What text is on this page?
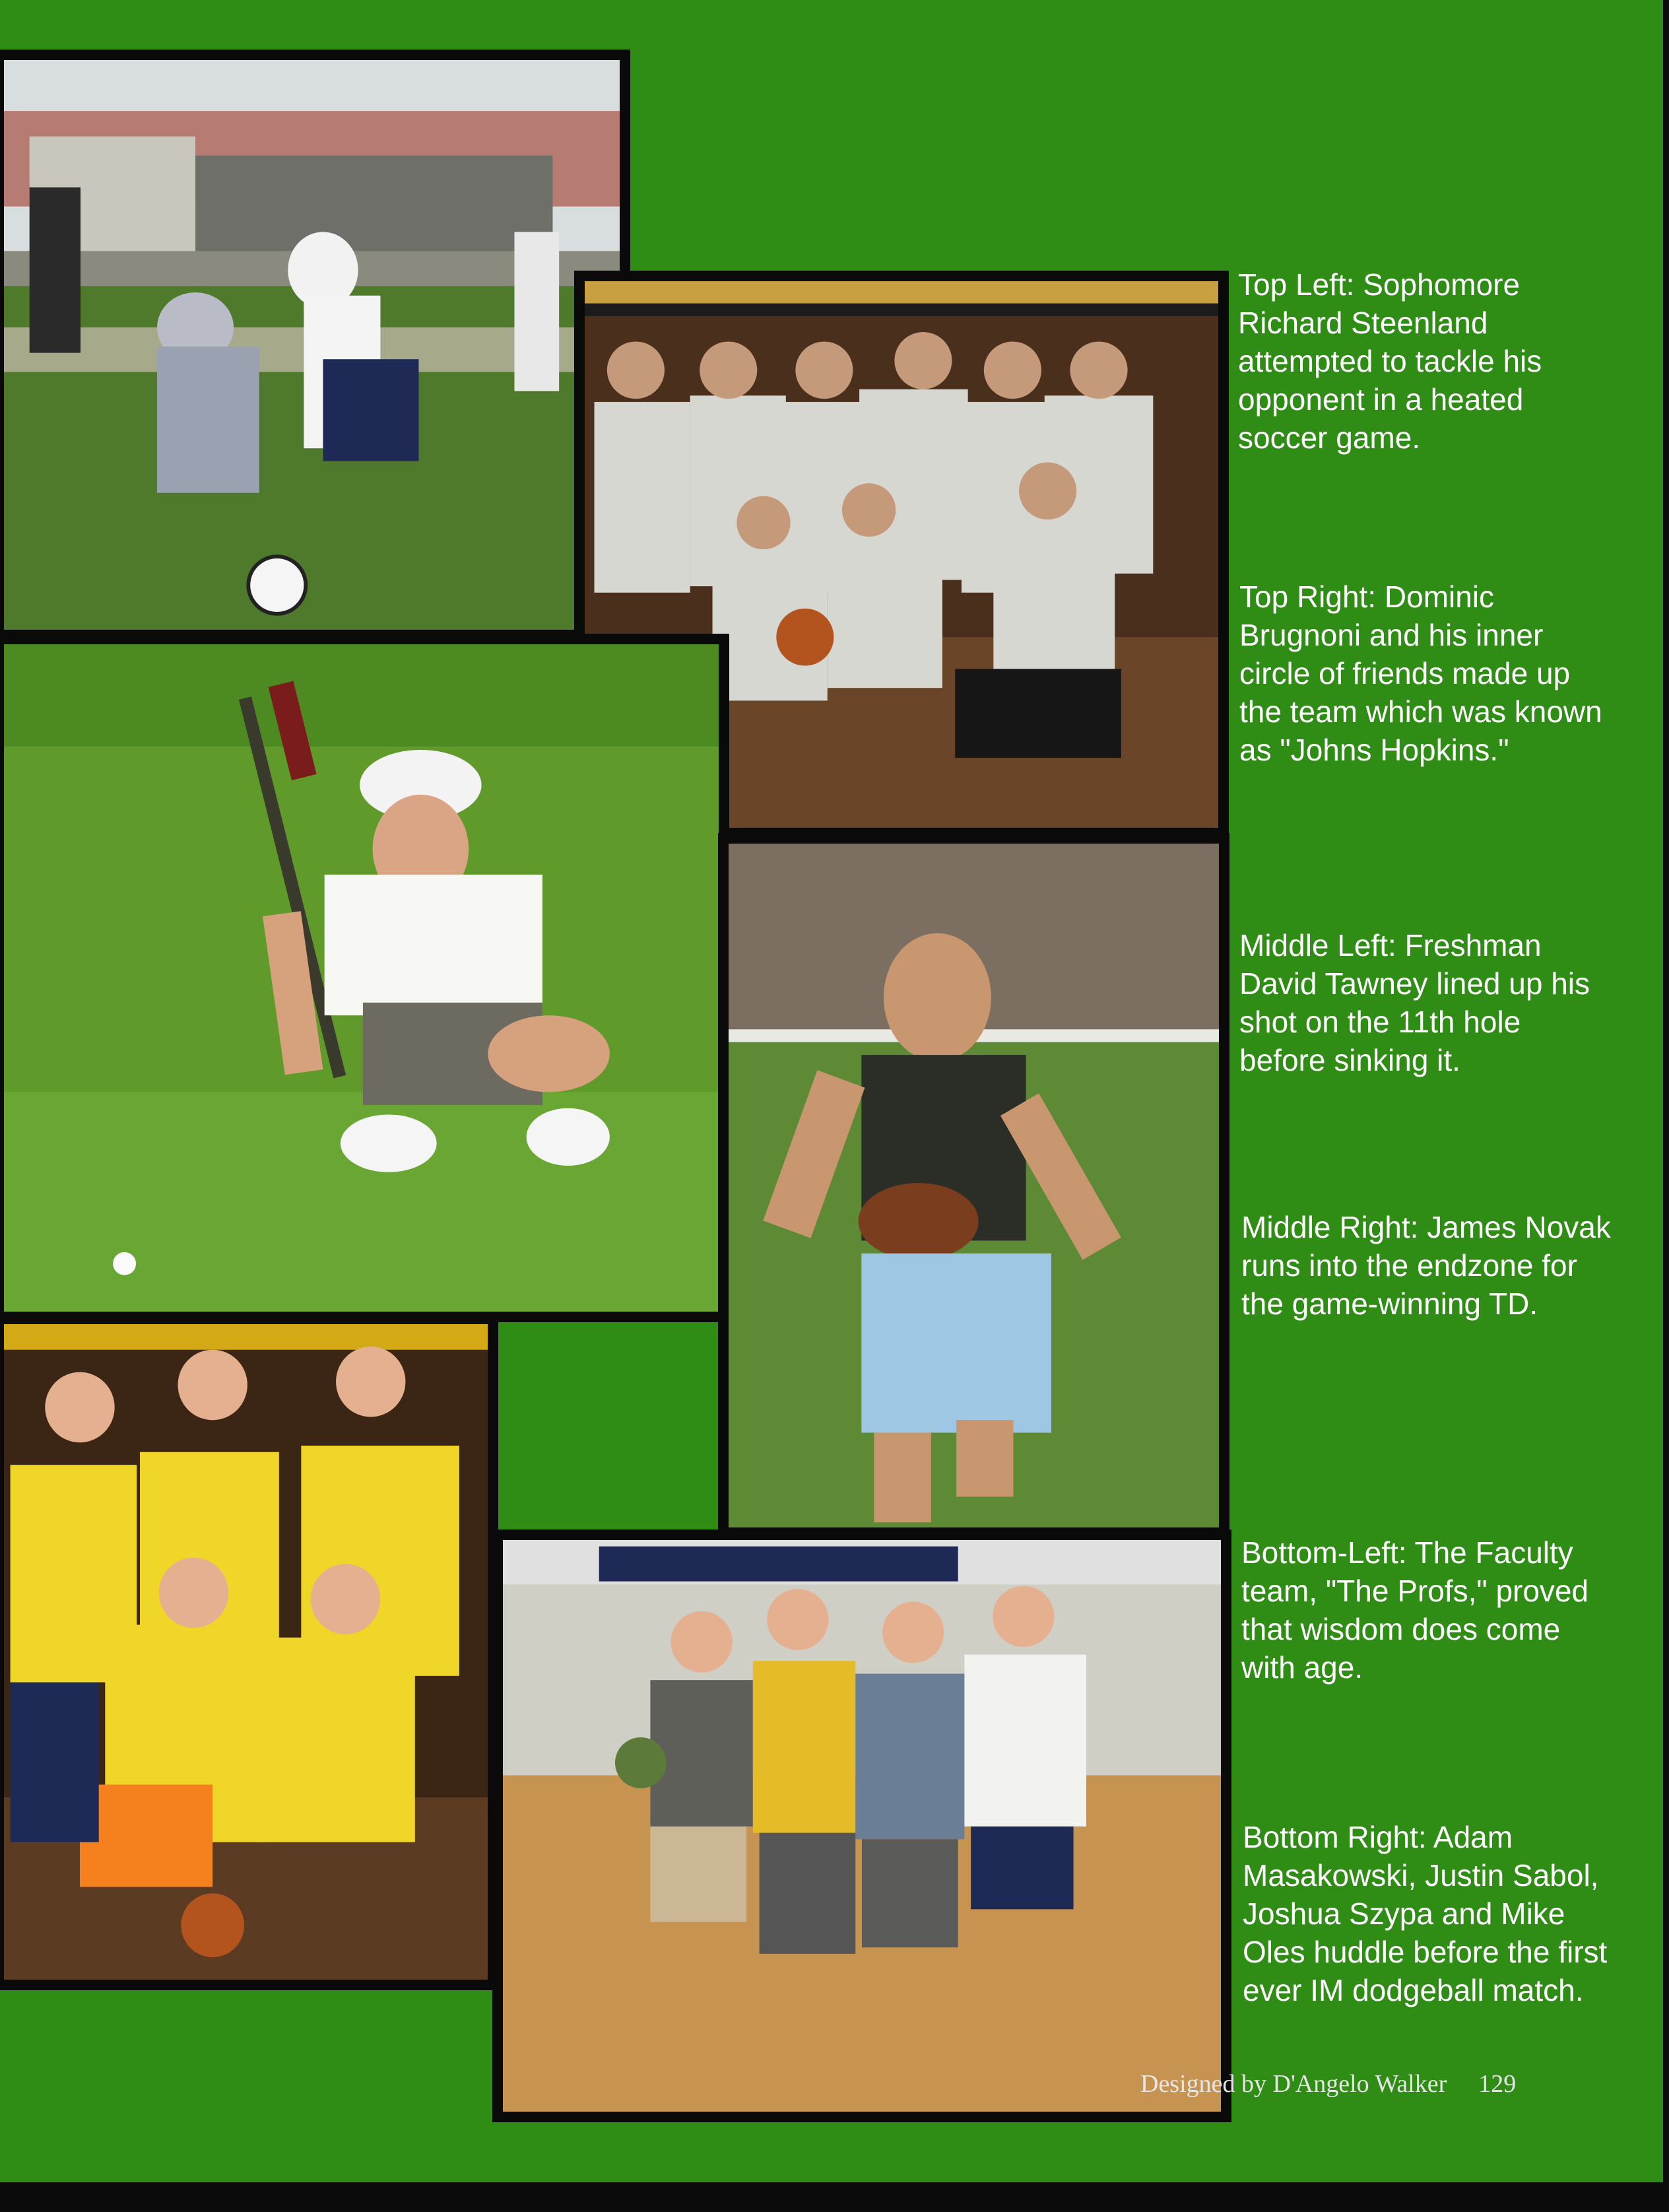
Top Left: Sophomore Richard Steenland attempted to tackle his opponent in a heated soccer game.

Top Right: Dominic Brugnoni and his inner circle of friends made up the team which was known as "Johns Hopkins."

Middle Left: Freshman David Tawney lined up his shot on the 11th hole before sinking it.

Middle Right: James Novak runs into the endzone for the game-winning TD.

Bottom-Left: The Faculty team, "The Profs," proved that wisdom does come with age.

Bottom Right: Adam Masakowski, Justin Sabol, Joshua Szypa and Mike Oles huddle before the first ever IM dodgeball match.

Designed by D'Angelo Walker 129
